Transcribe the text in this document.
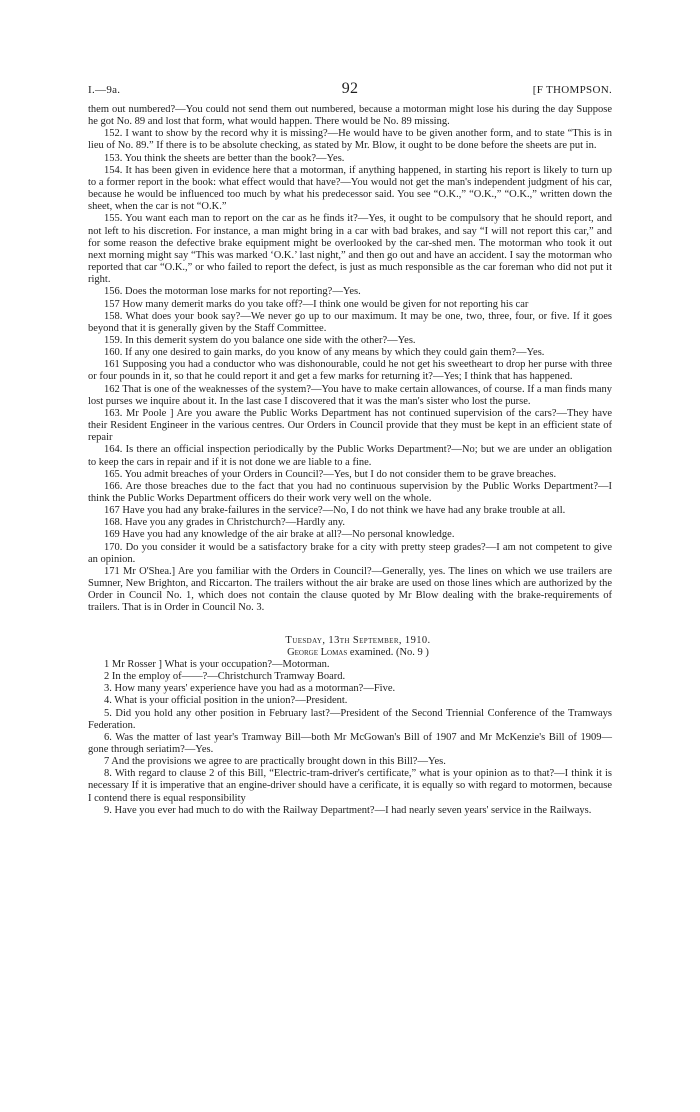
I.—9a.	92	[F THOMPSON.

them out numbered?—You could not send them out numbered, because a motorman might lose his during the day Suppose he got No. 89 and lost that form, what would happen. There would be No. 89 missing.

152. I want to show by the record why it is missing?—He would have to be given another form, and to state “This is in lieu of No. 89.” If there is to be absolute checking, as stated by Mr. Blow, it ought to be done before the sheets are put in.

153. You think the sheets are better than the book?—Yes.

154. It has been given in evidence here that a motorman, if anything happened, in starting his report is likely to turn up to a former report in the book: what effect would that have?—You would not get the man's independent judgment of his car, because he would be influenced too much by what his predecessor said. You see “O.K.,” “O.K.,” “O.K.,” written down the sheet, when the car is not “O.K.”

155. You want each man to report on the car as he finds it?—Yes, it ought to be compulsory that he should report, and not left to his discretion. For instance, a man might bring in a car with bad brakes, and say “I will not report this car,” and for some reason the defective brake equipment might be overlooked by the car-shed men. The motorman who took it out next morning might say “This was marked ‘O.K.’ last night,” and then go out and have an accident. I say the motorman who reported that car “O.K.,” or who failed to report the defect, is just as much responsible as the car foreman who did not put it right.

156. Does the motorman lose marks for not reporting?—Yes.

157 How many demerit marks do you take off?—I think one would be given for not reporting his car

158. What does your book say?—We never go up to our maximum. It may be one, two, three, four, or five. If it goes beyond that it is generally given by the Staff Committee.

159. In this demerit system do you balance one side with the other?—Yes.

160. If any one desired to gain marks, do you know of any means by which they could gain them?—Yes.

161 Supposing you had a conductor who was dishonourable, could he not get his sweetheart to drop her purse with three or four pounds in it, so that he could report it and get a few marks for returning it?—Yes; I think that has happened.

162 That is one of the weaknesses of the system?—You have to make certain allowances, of course. If a man finds many lost purses we inquire about it. In the last case I discovered that it was the man's sister who lost the purse.

163. Mr Poole ] Are you aware the Public Works Department has not continued supervision of the cars?—They have their Resident Engineer in the various centres. Our Orders in Council provide that they must be kept in an efficient state of repair

164. Is there an official inspection periodically by the Public Works Department?—No; but we are under an obligation to keep the cars in repair and if it is not done we are liable to a fine.

165. You admit breaches of your Orders in Council?—Yes, but I do not consider them to be grave breaches.

166. Are those breaches due to the fact that you had no continuous supervision by the Public Works Department?—I think the Public Works Department officers do their work very well on the whole.

167 Have you had any brake-failures in the service?—No, I do not think we have had any brake trouble at all.

168. Have you any grades in Christchurch?—Hardly any.

169 Have you had any knowledge of the air brake at all?—No personal knowledge.

170. Do you consider it would be a satisfactory brake for a city with pretty steep grades?—I am not competent to give an opinion.

171 Mr O'Shea.] Are you familiar with the Orders in Council?—Generally, yes. The lines on which we use trailers are Sumner, New Brighton, and Riccarton. The trailers without the air brake are used on those lines which are authorized by the Order in Council No. 1, which does not contain the clause quoted by Mr Blow dealing with the brake-requirements of trailers. That is in Order in Council No. 3.

Tuesday, 13th September, 1910.

George Lomas examined. (No. 9 )

1 Mr Rosser ] What is your occupation?—Motorman.

2 In the employ of——?—Christchurch Tramway Board.

3. How many years' experience have you had as a motorman?—Five.

4. What is your official position in the union?—President.

5. Did you hold any other position in February last?—President of the Second Triennial Conference of the Tramways Federation.

6. Was the matter of last year's Tramway Bill—both Mr McGowan's Bill of 1907 and Mr McKenzie's Bill of 1909—gone through seriatim?—Yes.

7 And the provisions we agree to are practically brought down in this Bill?—Yes.

8. With regard to clause 2 of this Bill, “Electric-tram-driver's certificate,” what is your opinion as to that?—I think it is necessary If it is imperative that an engine-driver should have a cerificate, it is equally so with regard to motormen, because I contend there is equal responsibility

9. Have you ever had much to do with the Railway Department?—I had nearly seven years' service in the Railways.
